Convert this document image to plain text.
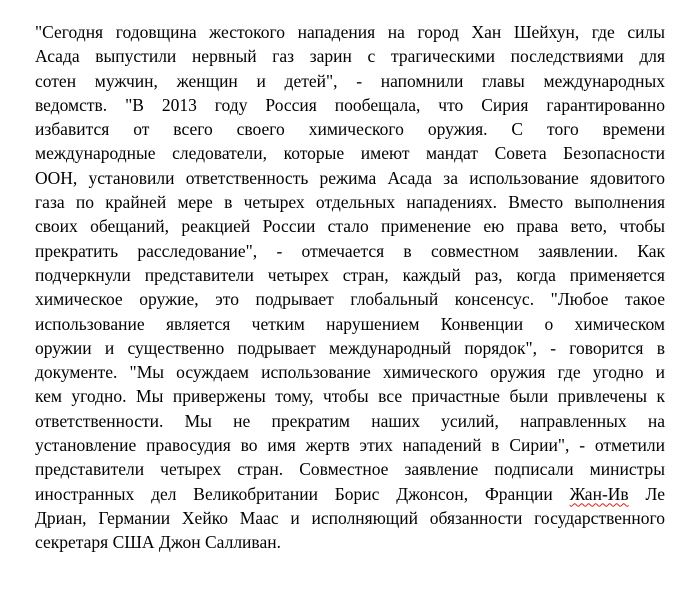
"Сегодня годовщина жестокого нападения на город Хан Шейхун, где силы
Асада выпустили нервный газ зарин с трагическими последствиями для
сотен мужчин, женщин и детей", - напомнили главы международных
ведомств. "В 2013 году Россия пообещала, что Сирия гарантированно
избавится от всего своего химического оружия. С того времени
международные следователи, которые имеют мандат Совета Безопасности
ООН, установили ответственность режима Асада за использование ядовитого
газа по крайней мере в четырех отдельных нападениях. Вместо выполнения
своих обещаний, реакцией России стало применение ею права вето, чтобы
прекратить расследование", - отмечается в совместном заявлении. Как
подчеркнули представители четырех стран, каждый раз, когда применяется
химическое оружие, это подрывает глобальный консенсус. "Любое такое
использование является четким нарушением Конвенции о химическом
оружии и существенно подрывает международный порядок", - говорится в
документе. "Мы осуждаем использование химического оружия где угодно и
кем угодно. Мы привержены тому, чтобы все причастные были привлечены к
ответственности. Мы не прекратим наших усилий, направленных на
установление правосудия во имя жертв этих нападений в Сирии", - отметили
представители четырех стран. Совместное заявление подписали министры
иностранных дел Великобритании Борис Джонсон, Франции Жан-Ив Ле
Дриан, Германии Хейко Маас и исполняющий обязанности государственного
секретаря США Джон Салливан.
